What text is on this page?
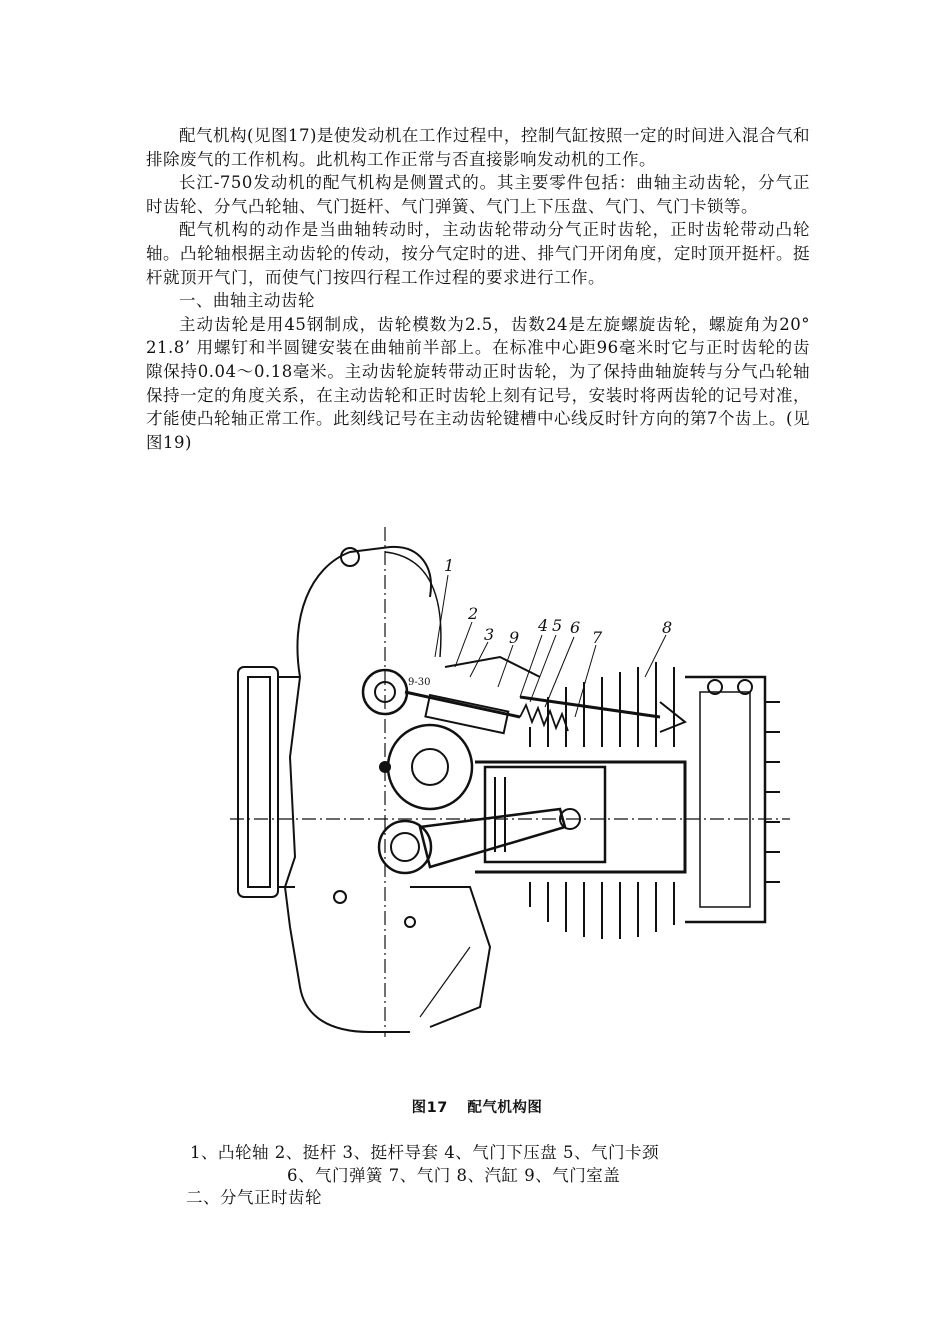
配气机构(见图17)是使发动机在工作过程中，控制气缸按照一定的时间进入混合气和排除废气的工作机构。此机构工作正常与否直接影响发动机的工作。

长江-750发动机的配气机构是侧置式的。其主要零件包括：曲轴主动齿轮，分气正时齿轮、分气凸轮轴、气门挺杆、气门弹簧、气门上下压盘、气门、气门卡锁等。

配气机构的动作是当曲轴转动时，主动齿轮带动分气正时齿轮，正时齿轮带动凸轮轴。凸轮轴根据主动齿轮的传动，按分气定时的进、排气门开闭角度，定时顶开挺杆。挺杆就顶开气门，而使气门按四行程工作过程的要求进行工作。

一、曲轴主动齿轮

主动齿轮是用45钢制成，齿轮模数为2.5，齿数24是左旋螺旋齿轮，螺旋角为20° 21.8’ 用螺钉和半圆键安装在曲轴前半部上。在标准中心距96毫米时它与正时齿轮的齿隙保持0.04～0.18毫米。主动齿轮旋转带动正时齿轮，为了保持曲轴旋转与分气凸轮轴保持一定的角度关系，在主动齿轮和正时齿轮上刻有记号，安装时将两齿轮的记号对准，才能使凸轮轴正常工作。此刻线记号在主动齿轮键槽中心线反时针方向的第7个齿上。(见图19)

1
2
3 9
4 5 6
7
8
9-30
图17 配气机构图
1、凸轮轴 2、挺杆 3、挺杆导套 4、气门下压盘 5、气门卡颈
6、气门弹簧 7、气门 8、汽缸 9、气门室盖
二、分气正时齿轮
